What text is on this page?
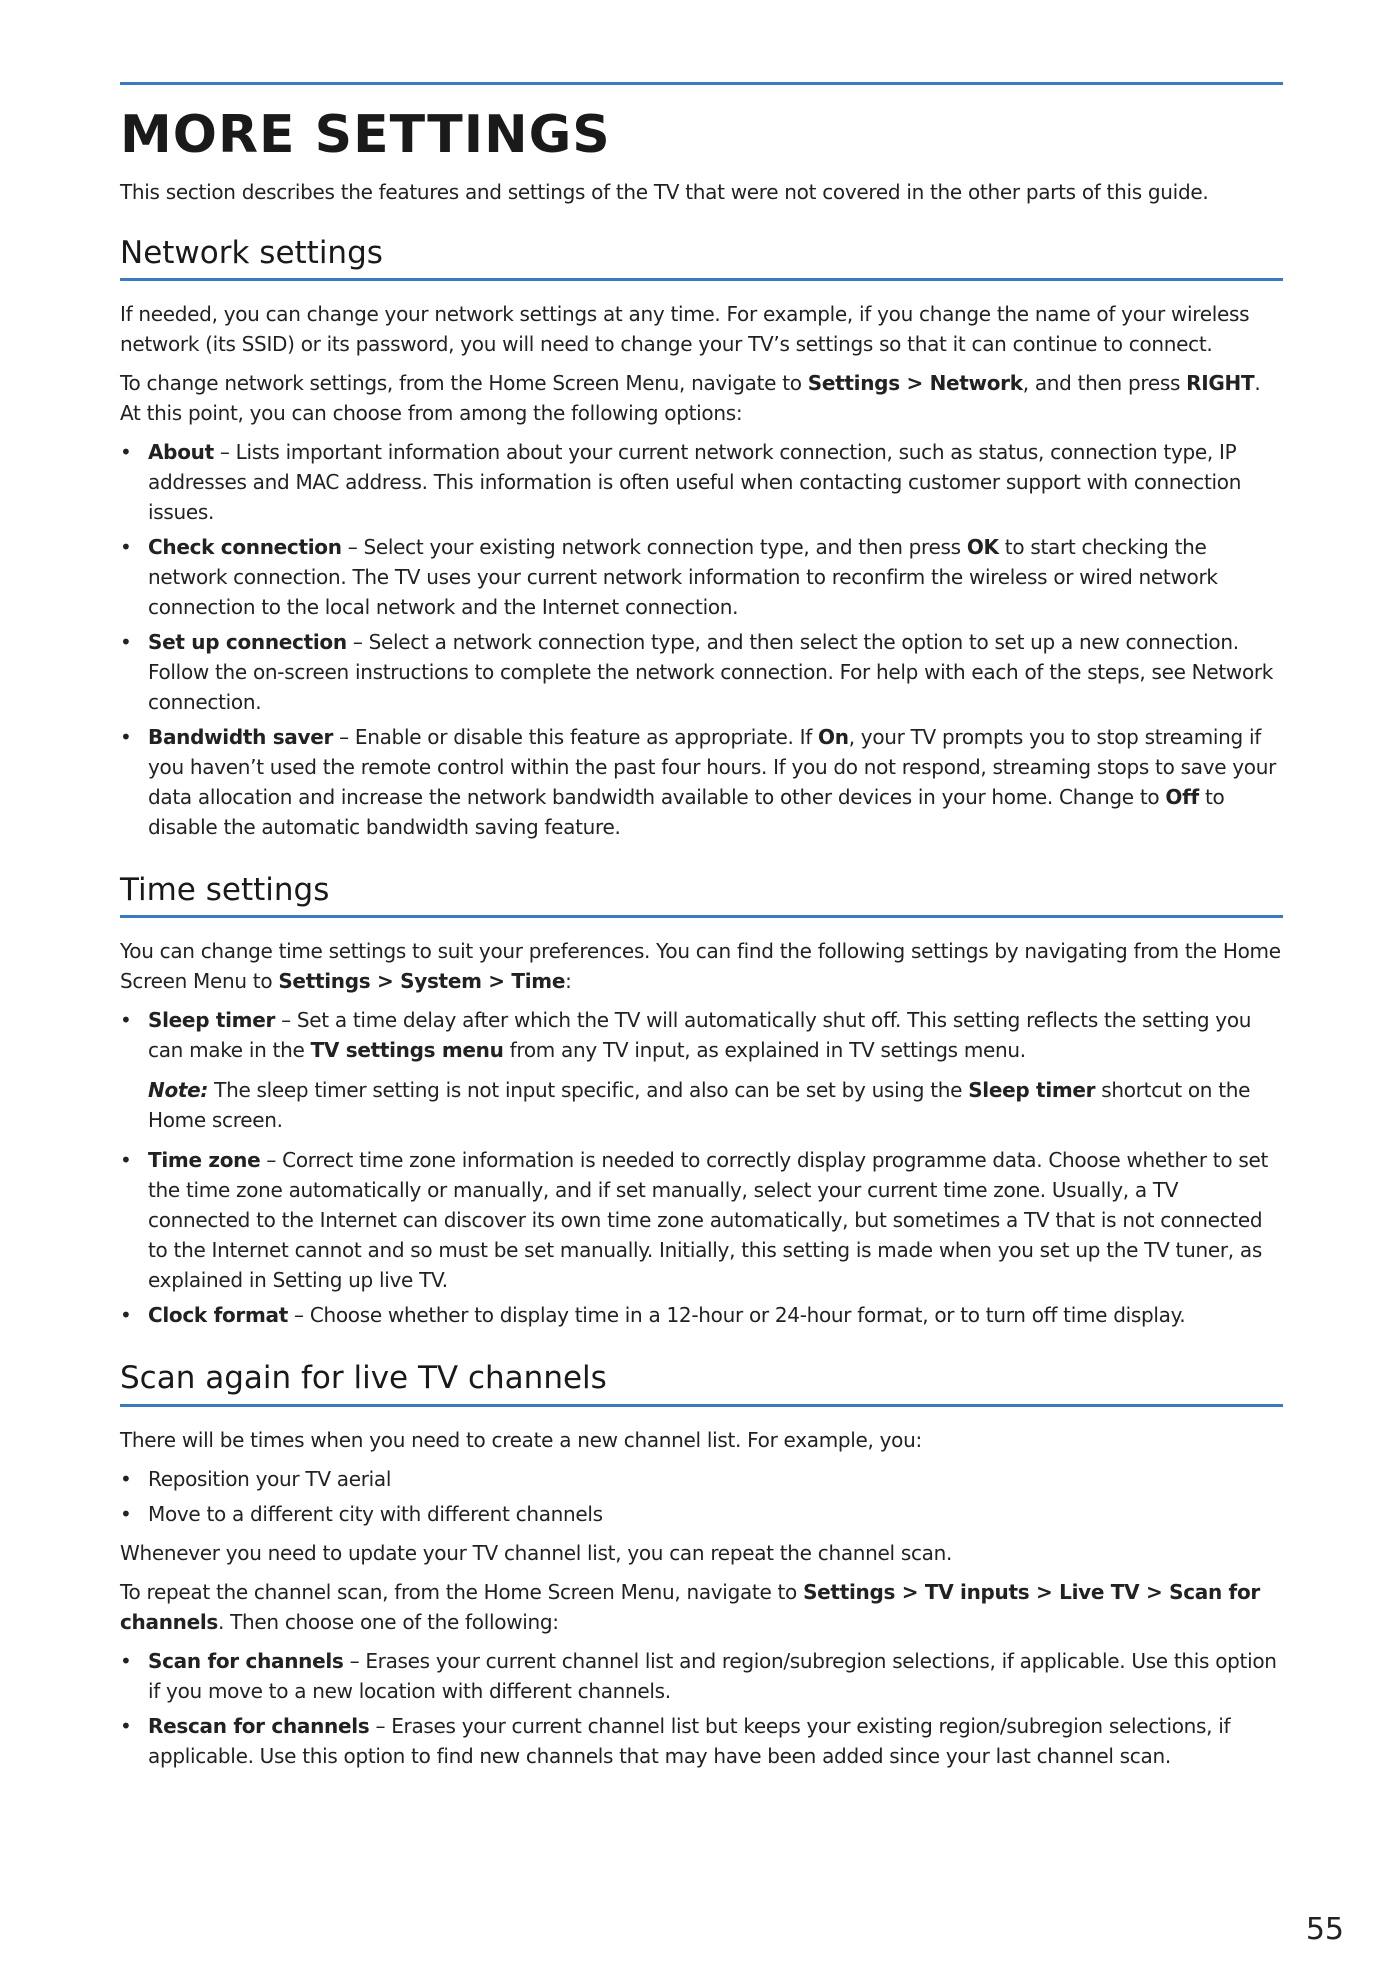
MORE SETTINGS

This section describes the features and settings of the TV that were not covered in the other parts of this guide.

Network settings

If needed, you can change your network settings at any time. For example, if you change the name of your wireless network (its SSID) or its password, you will need to change your TV’s settings so that it can continue to connect.

To change network settings, from the Home Screen Menu, navigate to Settings > Network, and then press RIGHT. At this point, you can choose from among the following options:

• About – Lists important information about your current network connection, such as status, connection type, IP addresses and MAC address. This information is often useful when contacting customer support with connection issues.
• Check connection – Select your existing network connection type, and then press OK to start checking the network connection. The TV uses your current network information to reconfirm the wireless or wired network connection to the local network and the Internet connection.
• Set up connection – Select a network connection type, and then select the option to set up a new connection. Follow the on-screen instructions to complete the network connection. For help with each of the steps, see Network connection.
• Bandwidth saver – Enable or disable this feature as appropriate. If On, your TV prompts you to stop streaming if you haven’t used the remote control within the past four hours. If you do not respond, streaming stops to save your data allocation and increase the network bandwidth available to other devices in your home. Change to Off to disable the automatic bandwidth saving feature.
Time settings

You can change time settings to suit your preferences. You can find the following settings by navigating from the Home Screen Menu to Settings > System > Time:

• Sleep timer – Set a time delay after which the TV will automatically shut off. This setting reflects the setting you can make in the TV settings menu from any TV input, as explained in TV settings menu.

Note: The sleep timer setting is not input specific, and also can be set by using the Sleep timer shortcut on the Home screen.

• Time zone – Correct time zone information is needed to correctly display programme data. Choose whether to set the time zone automatically or manually, and if set manually, select your current time zone. Usually, a TV connected to the Internet can discover its own time zone automatically, but sometimes a TV that is not connected to the Internet cannot and so must be set manually. Initially, this setting is made when you set up the TV tuner, as explained in Setting up live TV.
• Clock format – Choose whether to display time in a 12-hour or 24-hour format, or to turn off time display.
Scan again for live TV channels

There will be times when you need to create a new channel list. For example, you:

• Reposition your TV aerial
• Move to a different city with different channels

Whenever you need to update your TV channel list, you can repeat the channel scan.

To repeat the channel scan, from the Home Screen Menu, navigate to Settings > TV inputs > Live TV > Scan for channels. Then choose one of the following:

• Scan for channels – Erases your current channel list and region/subregion selections, if applicable. Use this option if you move to a new location with different channels.
• Rescan for channels – Erases your current channel list but keeps your existing region/subregion selections, if applicable. Use this option to find new channels that may have been added since your last channel scan.
55
